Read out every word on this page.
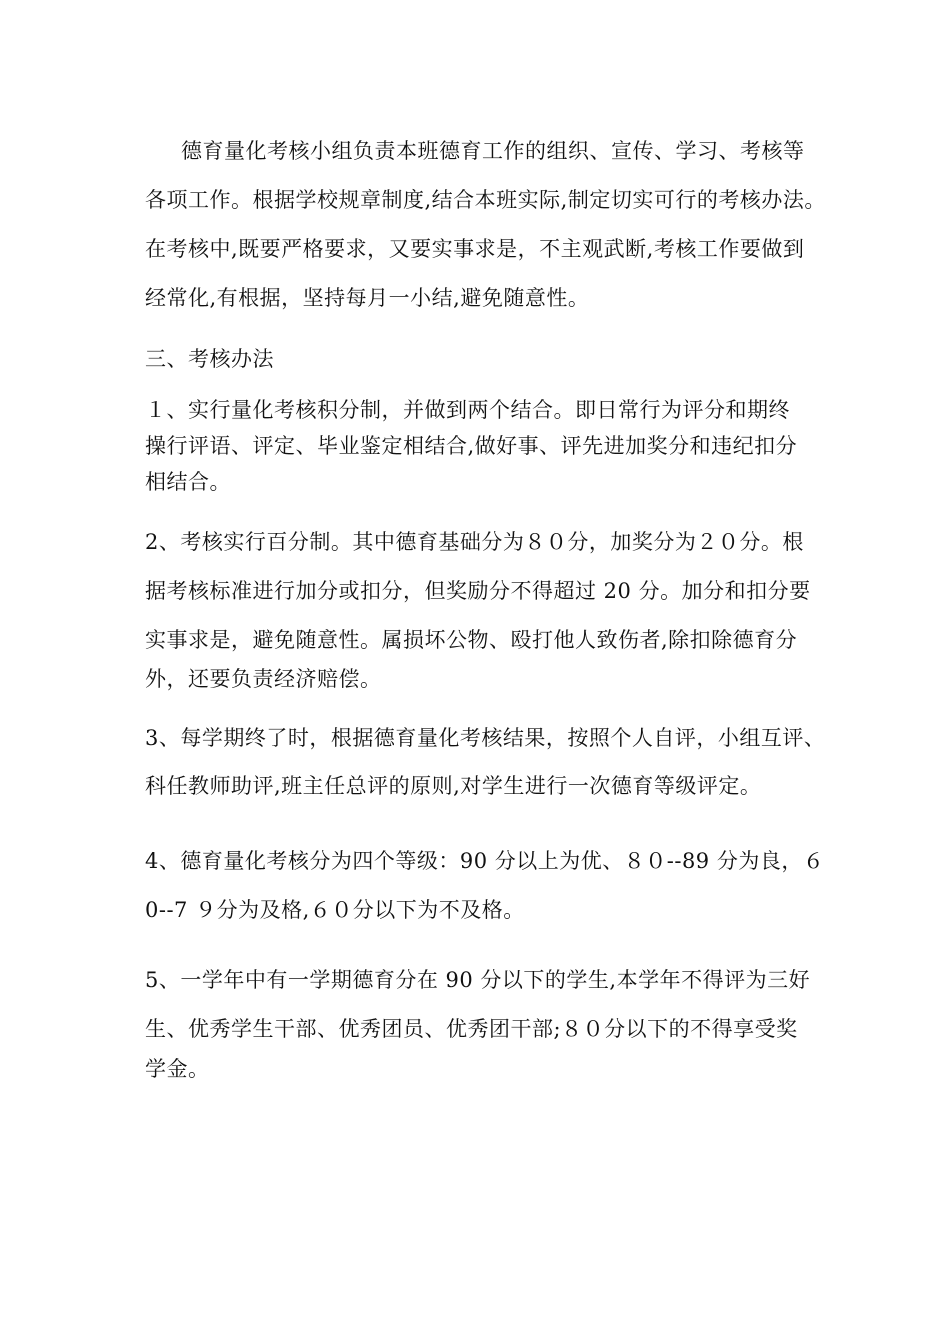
德育量化考核小组负责本班德育工作的组织、宣传、学习、考核等
各项工作。根据学校规章制度,结合本班实际,制定切实可行的考核办法。
在考核中,既要严格要求，又要实事求是，不主观武断,考核工作要做到
经常化,有根据，坚持每月一小结,避免随意性。
三、考核办法
１、实行量化考核积分制，并做到两个结合。即日常行为评分和期终
操行评语、评定、毕业鉴定相结合,做好事、评先进加奖分和违纪扣分
相结合。
2、考核实行百分制。其中德育基础分为８０分，加奖分为２０分。根
据考核标准进行加分或扣分，但奖励分不得超过 20 分。加分和扣分要
实事求是，避免随意性。属损坏公物、殴打他人致伤者,除扣除德育分
外，还要负责经济赔偿。
3、每学期终了时，根据德育量化考核结果，按照个人自评，小组互评、
科任教师助评,班主任总评的原则,对学生进行一次德育等级评定。
4、德育量化考核分为四个等级：90 分以上为优、８０--89 分为良，６
0--7 ９分为及格,６０分以下为不及格。
5、一学年中有一学期德育分在 90 分以下的学生,本学年不得评为三好
生、优秀学生干部、优秀团员、优秀团干部;８０分以下的不得享受奖
学金。
